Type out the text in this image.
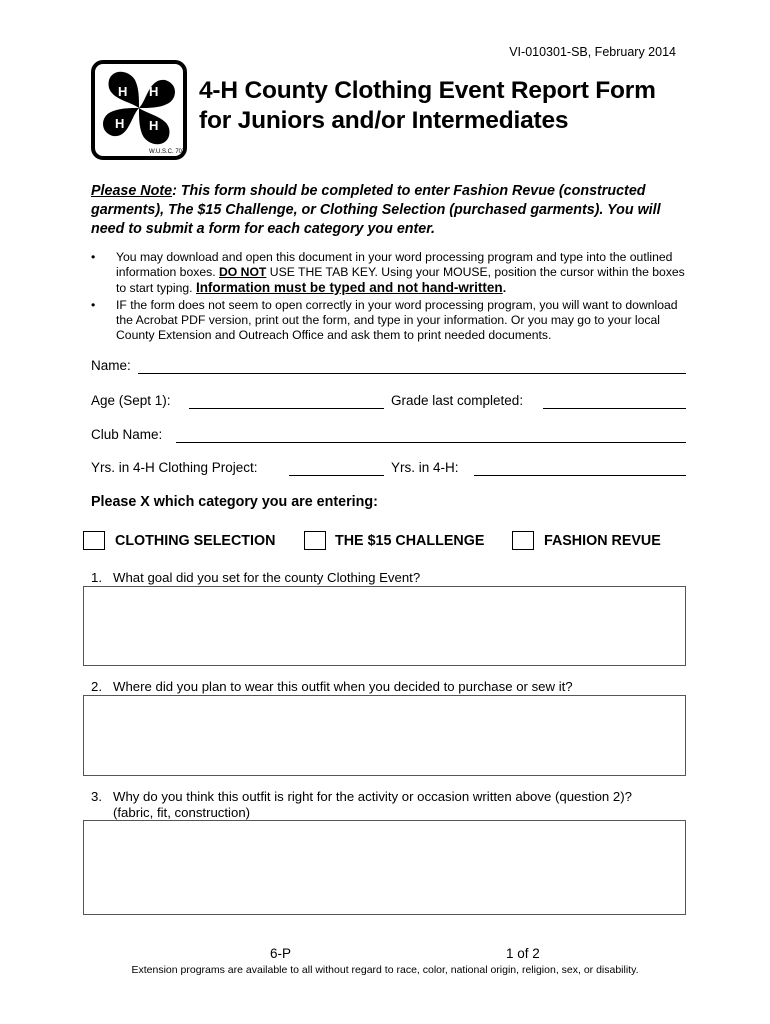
VI-010301-SB, February 2014
H H
H H
W.U.S.C. 707
4-H County Clothing Event Report Form
for Juniors and/or Intermediates
Please Note: This form should be completed to enter Fashion Revue (constructed garments), The $15 Challenge, or Clothing Selection (purchased garments). You will need to submit a form for each category you enter.
• You may download and open this document in your word processing program and type into the outlined information boxes. DO NOT USE THE TAB KEY. Using your MOUSE, position the cursor within the boxes to start typing. Information must be typed and not hand-written.
• IF the form does not seem to open correctly in your word processing program, you will want to download the Acrobat PDF version, print out the form, and type in your information. Or you may go to your local County Extension and Outreach Office and ask them to print needed documents.
Name:
Age (Sept 1):	Grade last completed:
Club Name:
Yrs. in 4-H Clothing Project:	Yrs. in 4-H:
Please X which category you are entering:
CLOTHING SELECTION	THE $15 CHALLENGE	FASHION REVUE
1. What goal did you set for the county Clothing Event?
2. Where did you plan to wear this outfit when you decided to purchase or sew it?
3. Why do you think this outfit is right for the activity or occasion written above (question 2)?
(fabric, fit, construction)
6-P	1 of 2
Extension programs are available to all without regard to race, color, national origin, religion, sex, or disability.
